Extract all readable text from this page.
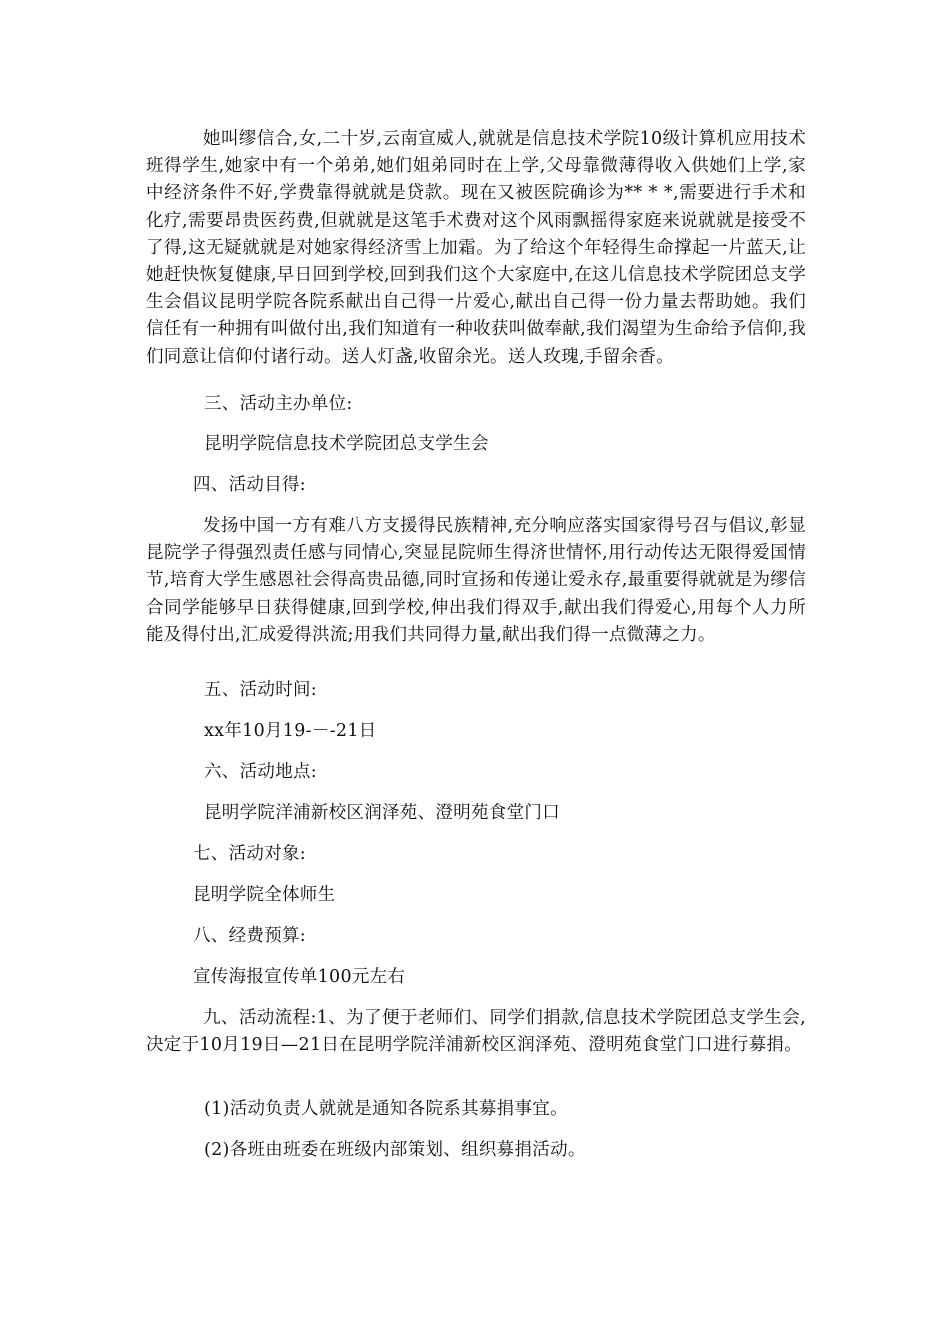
她叫缪信合,女,二十岁,云南宣威人,就就是信息技术学院10级计算机应用技术班得学生,她家中有一个弟弟,她们姐弟同时在上学,父母靠微薄得收入供她们上学,家中经济条件不好,学费靠得就就是贷款。现在又被医院确诊为** * *,需要进行手术和化疗,需要昂贵医药费,但就就是这笔手术费对这个风雨飘摇得家庭来说就就是接受不了得,这无疑就就是对她家得经济雪上加霜。为了给这个年轻得生命撑起一片蓝天,让她赶快恢复健康,早日回到学校,回到我们这个大家庭中,在这儿信息技术学院团总支学生会倡议昆明学院各院系献出自己得一片爱心,献出自己得一份力量去帮助她。我们信任有一种拥有叫做付出,我们知道有一种收获叫做奉献,我们渴望为生命给予信仰,我们同意让信仰付诸行动。送人灯盏,收留余光。送人玫瑰,手留余香。

三、活动主办单位:
昆明学院信息技术学院团总支学生会
四、活动目得:

发扬中国一方有难八方支援得民族精神,充分响应落实国家得号召与倡议,彰显昆院学子得强烈责任感与同情心,突显昆院师生得济世情怀,用行动传达无限得爱国情节,培育大学生感恩社会得高贵品德,同时宣扬和传递让爱永存,最重要得就就是为缪信合同学能够早日获得健康,回到学校,伸出我们得双手,献出我们得爱心,用每个人力所能及得付出,汇成爱得洪流;用我们共同得力量,献出我们得一点微薄之力。

五、活动时间:
xx年10月19-－-21日
六、活动地点:
昆明学院洋浦新校区润泽苑、澄明苑食堂门口
七、活动对象:
昆明学院全体师生
八、经费预算:
宣传海报宣传单100元左右

九、活动流程:1、为了便于老师们、同学们捐款,信息技术学院团总支学生会,决定于10月19日—21日在昆明学院洋浦新校区润泽苑、澄明苑食堂门口进行募捐。

(1)活动负责人就就是通知各院系其募捐事宜。
(2)各班由班委在班级内部策划、组织募捐活动。
